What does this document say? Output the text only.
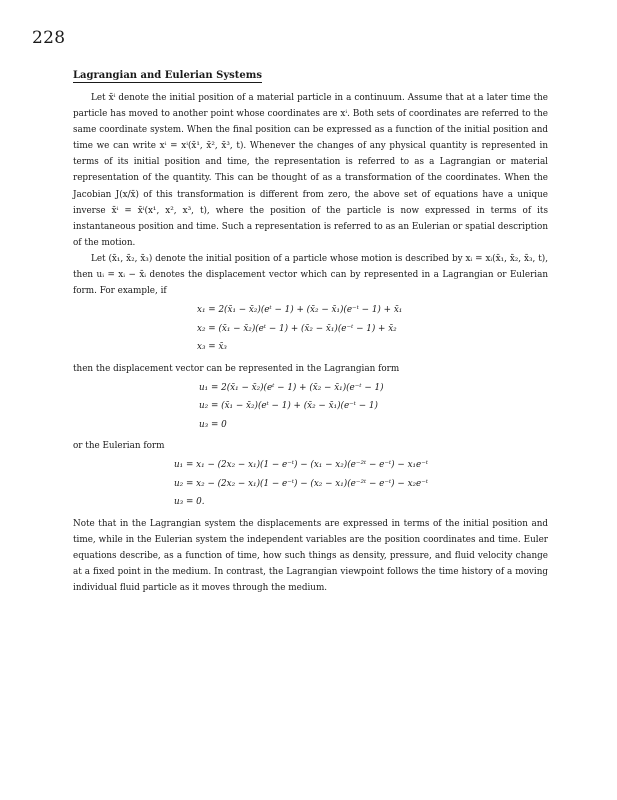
228
Lagrangian and Eulerian Systems

Let x̄ⁱ denote the initial position of a material particle in a continuum. Assume that at a later time the particle has moved to another point whose coordinates are xⁱ. Both sets of coordinates are referred to the same coordinate system. When the final position can be expressed as a function of the initial position and time we can write xⁱ = xⁱ(x̄¹, x̄², x̄³, t). Whenever the changes of any physical quantity is represented in terms of its initial position and time, the representation is referred to as a Lagrangian or material representation of the quantity. This can be thought of as a transformation of the coordinates. When the Jacobian J(x/x̄) of this transformation is different from zero, the above set of equations have a unique inverse x̄ⁱ = x̄ⁱ(x¹, x², x³, t), where the position of the particle is now expressed in terms of its instantaneous position and time. Such a representation is referred to as an Eulerian or spatial description of the motion.

Let (x̄₁, x̄₂, x̄₃) denote the initial position of a particle whose motion is described by xᵢ = xᵢ(x̄₁, x̄₂, x̄₃, t), then uᵢ = xᵢ − x̄ᵢ denotes the displacement vector which can by represented in a Lagrangian or Eulerian form. For example, if

x₁ = 2(x̄₁ − x̄₂)(eᵗ − 1) + (x̄₂ − x̄₁)(e⁻ᵗ − 1) + x̄₁
x₂ = (x̄₁ − x̄₂)(eᵗ − 1) + (x̄₂ − x̄₁)(e⁻ᵗ − 1) + x̄₂
x₃ = x̄₃

then the displacement vector can be represented in the Lagrangian form

u₁ = 2(x̄₁ − x̄₂)(eᵗ − 1) + (x̄₂ − x̄₁)(e⁻ᵗ − 1)
u₂ = (x̄₁ − x̄₂)(eᵗ − 1) + (x̄₂ − x̄₁)(e⁻ᵗ − 1)
u₃ = 0

or the Eulerian form

u₁ = x₁ − (2x₂ − x₁)(1 − e⁻ᵗ) − (x₁ − x₂)(e⁻²ᵗ − e⁻ᵗ) − x₁e⁻ᵗ
u₂ = x₂ − (2x₂ − x₁)(1 − e⁻ᵗ) − (x₂ − x₁)(e⁻²ᵗ − e⁻ᵗ) − x₂e⁻ᵗ
u₃ = 0.

Note that in the Lagrangian system the displacements are expressed in terms of the initial position and time, while in the Eulerian system the independent variables are the position coordinates and time. Euler equations describe, as a function of time, how such things as density, pressure, and fluid velocity change at a fixed point in the medium. In contrast, the Lagrangian viewpoint follows the time history of a moving individual fluid particle as it moves through the medium.
